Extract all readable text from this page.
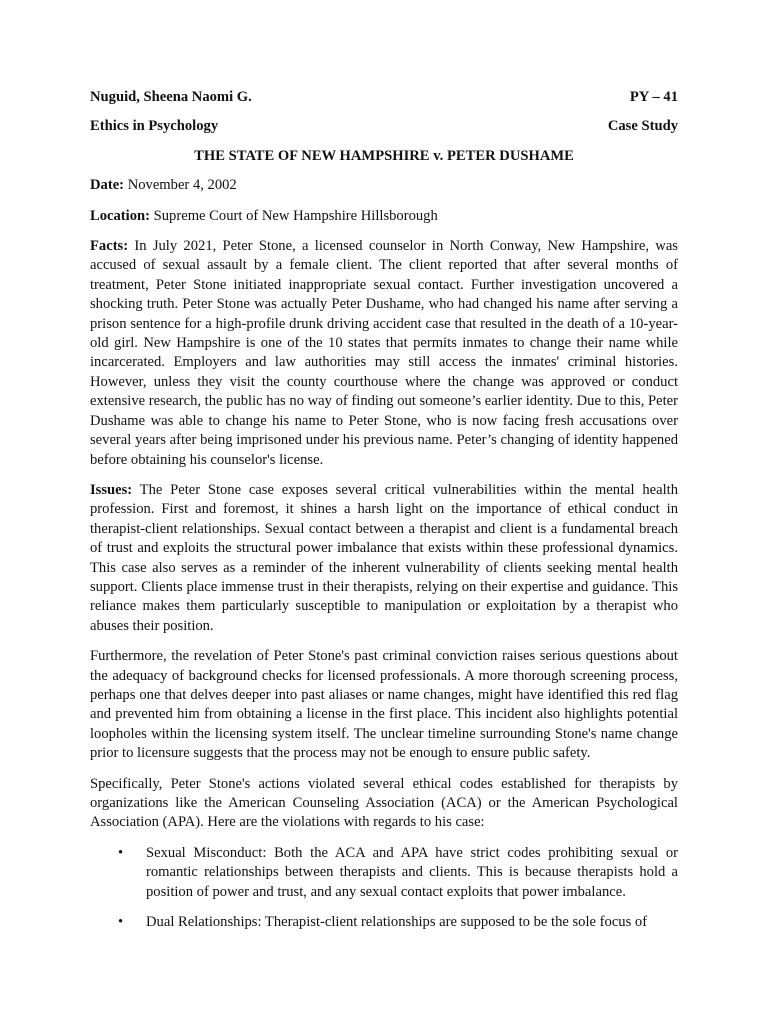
Nuguid, Sheena Naomi G.	PY – 41
Ethics in Psychology	Case Study
THE STATE OF NEW HAMPSHIRE v. PETER DUSHAME
Date: November 4, 2002
Location: Supreme Court of New Hampshire Hillsborough

Facts: In July 2021, Peter Stone, a licensed counselor in North Conway, New Hampshire, was accused of sexual assault by a female client. The client reported that after several months of treatment, Peter Stone initiated inappropriate sexual contact. Further investigation uncovered a shocking truth. Peter Stone was actually Peter Dushame, who had changed his name after serving a prison sentence for a high-profile drunk driving accident case that resulted in the death of a 10-year-old girl. New Hampshire is one of the 10 states that permits inmates to change their name while incarcerated. Employers and law authorities may still access the inmates' criminal histories. However, unless they visit the county courthouse where the change was approved or conduct extensive research, the public has no way of finding out someone’s earlier identity. Due to this, Peter Dushame was able to change his name to Peter Stone, who is now facing fresh accusations over several years after being imprisoned under his previous name. Peter’s changing of identity happened before obtaining his counselor's license.

Issues: The Peter Stone case exposes several critical vulnerabilities within the mental health profession. First and foremost, it shines a harsh light on the importance of ethical conduct in therapist-client relationships. Sexual contact between a therapist and client is a fundamental breach of trust and exploits the structural power imbalance that exists within these professional dynamics. This case also serves as a reminder of the inherent vulnerability of clients seeking mental health support. Clients place immense trust in their therapists, relying on their expertise and guidance. This reliance makes them particularly susceptible to manipulation or exploitation by a therapist who abuses their position.

Furthermore, the revelation of Peter Stone's past criminal conviction raises serious questions about the adequacy of background checks for licensed professionals. A more thorough screening process, perhaps one that delves deeper into past aliases or name changes, might have identified this red flag and prevented him from obtaining a license in the first place. This incident also highlights potential loopholes within the licensing system itself. The unclear timeline surrounding Stone's name change prior to licensure suggests that the process may not be enough to ensure public safety.

Specifically, Peter Stone's actions violated several ethical codes established for therapists by organizations like the American Counseling Association (ACA) or the American Psychological Association (APA). Here are the violations with regards to his case:

• Sexual Misconduct: Both the ACA and APA have strict codes prohibiting sexual or romantic relationships between therapists and clients. This is because therapists hold a position of power and trust, and any sexual contact exploits that power imbalance.
• Dual Relationships: Therapist-client relationships are supposed to be the sole focus of
